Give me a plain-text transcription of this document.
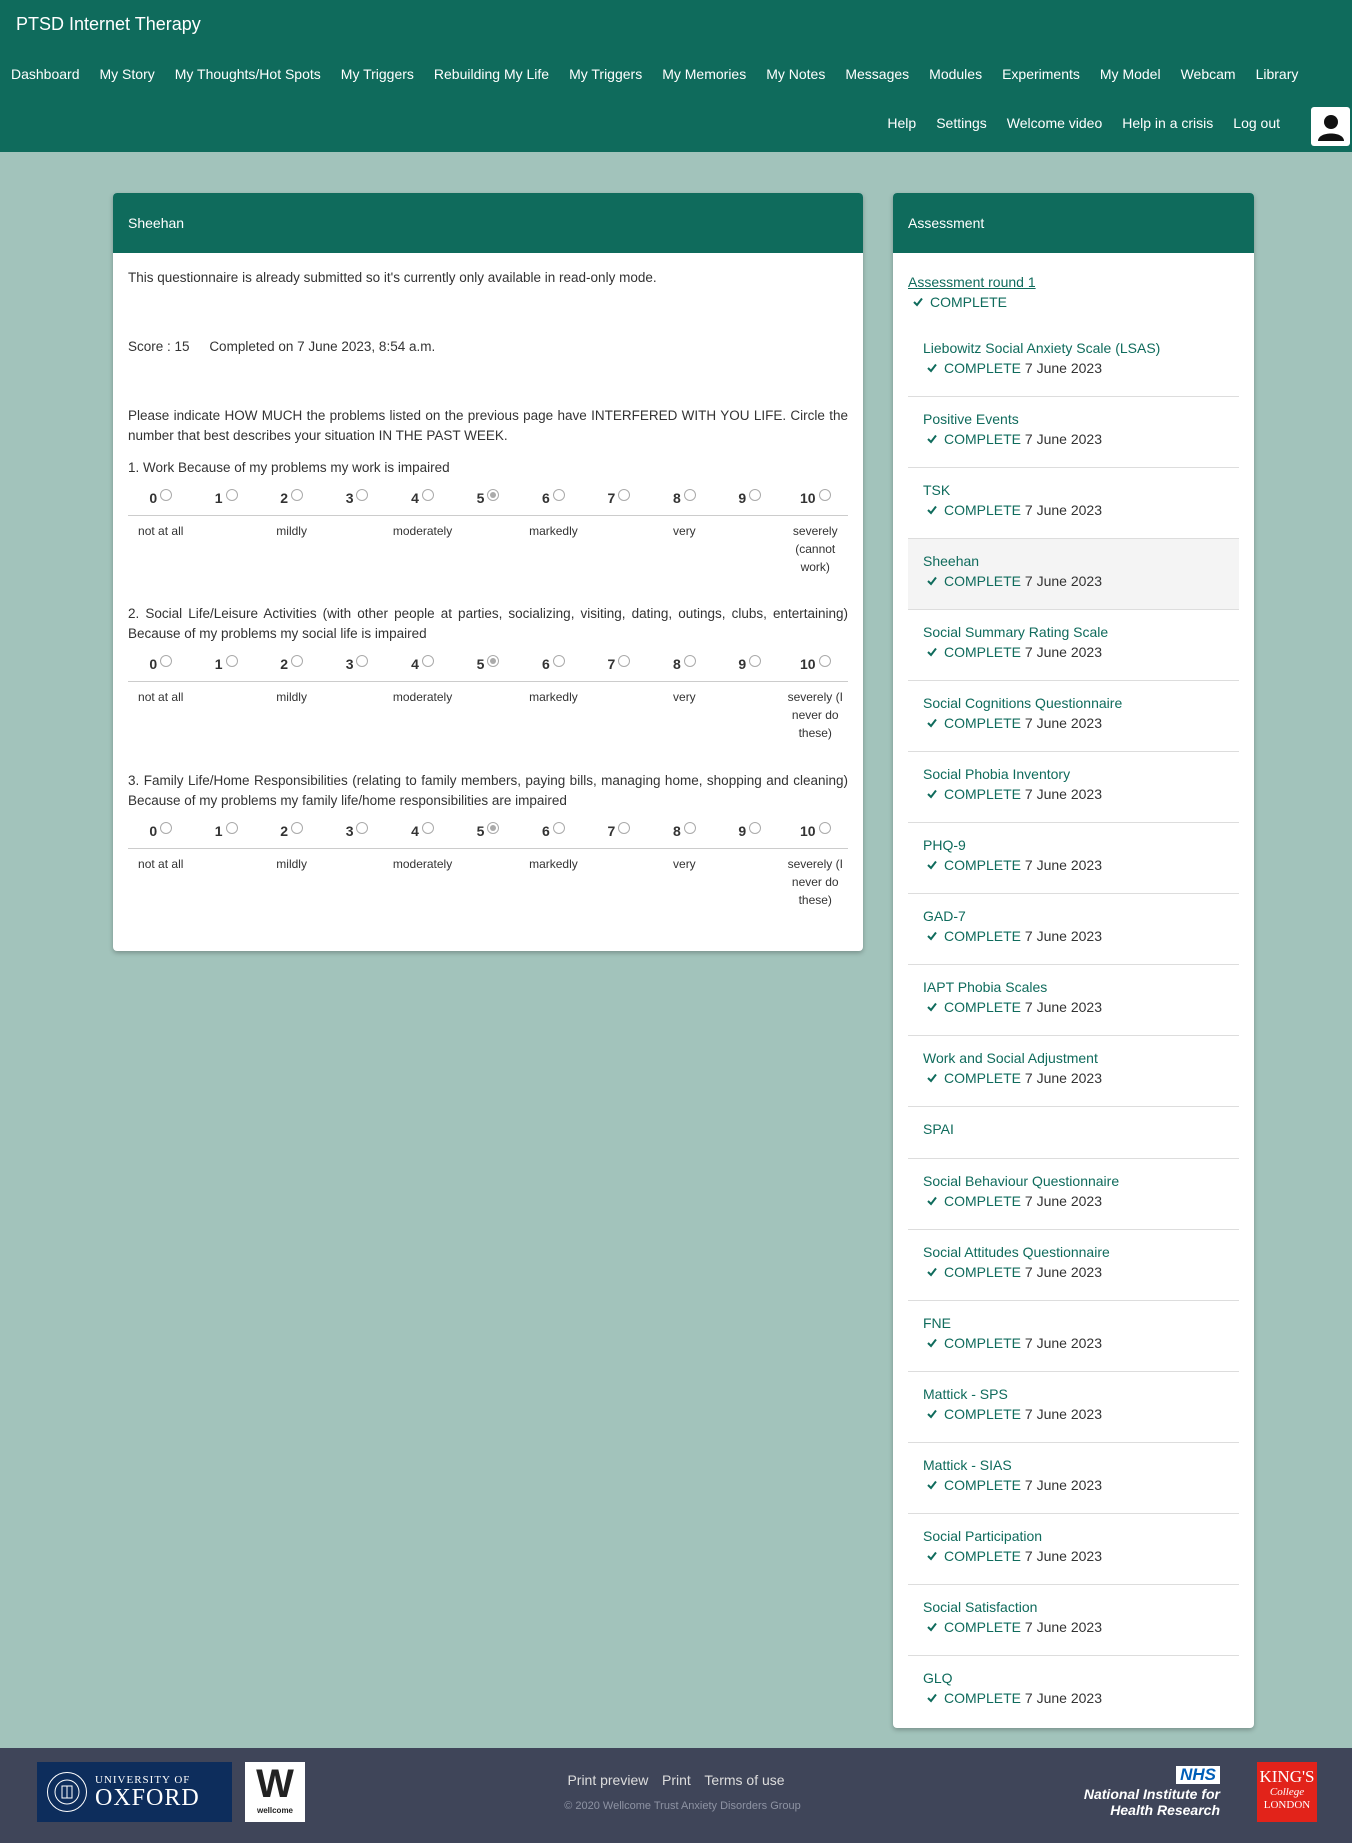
PTSD Internet Therapy
Dashboard My Story My Thoughts/Hot Spots My Triggers Rebuilding My Life My Triggers My Memories My Notes Messages Modules Experiments My Model Webcam Library
Help Settings Welcome video Help in a crisis Log out
Sheehan
This questionnaire is already submitted so it's currently only available in read-only mode.
Score : 15 Completed on 7 June 2023, 8:54 a.m.
Please indicate HOW MUCH the problems listed on the previous page have INTERFERED WITH YOU LIFE. Circle the number that best describes your situation IN THE PAST WEEK.
1. Work Because of my problems my work is impaired
0	1	2	3	4	5	6	7	8	9	10
not at all	mildly	moderately	markedly	very	severely (cannot work)
2. Social Life/Leisure Activities (with other people at parties, socializing, visiting, dating, outings, clubs, entertaining) Because of my problems my social life is impaired
0	1	2	3	4	5	6	7	8	9	10
not at all	mildly	moderately	markedly	very	severely (I never do these)
3. Family Life/Home Responsibilities (relating to family members, paying bills, managing home, shopping and cleaning) Because of my problems my family life/home responsibilities are impaired
0	1	2	3	4	5	6	7	8	9	10
not at all	mildly	moderately	markedly	very	severely (I never do these)
Assessment
Assessment round 1
COMPLETE
Liebowitz Social Anxiety Scale (LSAS)
COMPLETE 7 June 2023
Positive Events
COMPLETE 7 June 2023
TSK
COMPLETE 7 June 2023
Sheehan
COMPLETE 7 June 2023
Social Summary Rating Scale
COMPLETE 7 June 2023
Social Cognitions Questionnaire
COMPLETE 7 June 2023
Social Phobia Inventory
COMPLETE 7 June 2023
PHQ-9
COMPLETE 7 June 2023
GAD-7
COMPLETE 7 June 2023
IAPT Phobia Scales
COMPLETE 7 June 2023
Work and Social Adjustment
COMPLETE 7 June 2023
SPAI
Social Behaviour Questionnaire
COMPLETE 7 June 2023
Social Attitudes Questionnaire
COMPLETE 7 June 2023
FNE
COMPLETE 7 June 2023
Mattick - SPS
COMPLETE 7 June 2023
Mattick - SIAS
COMPLETE 7 June 2023
Social Participation
COMPLETE 7 June 2023
Social Satisfaction
COMPLETE 7 June 2023
GLQ
COMPLETE 7 June 2023
UNIVERSITY OF
OXFORD W
wellcome
Print preview Print Terms of use
© 2020 Wellcome Trust Anxiety Disorders Group
NHS
National Institute for
Health Research
KING'S
College
LONDON
